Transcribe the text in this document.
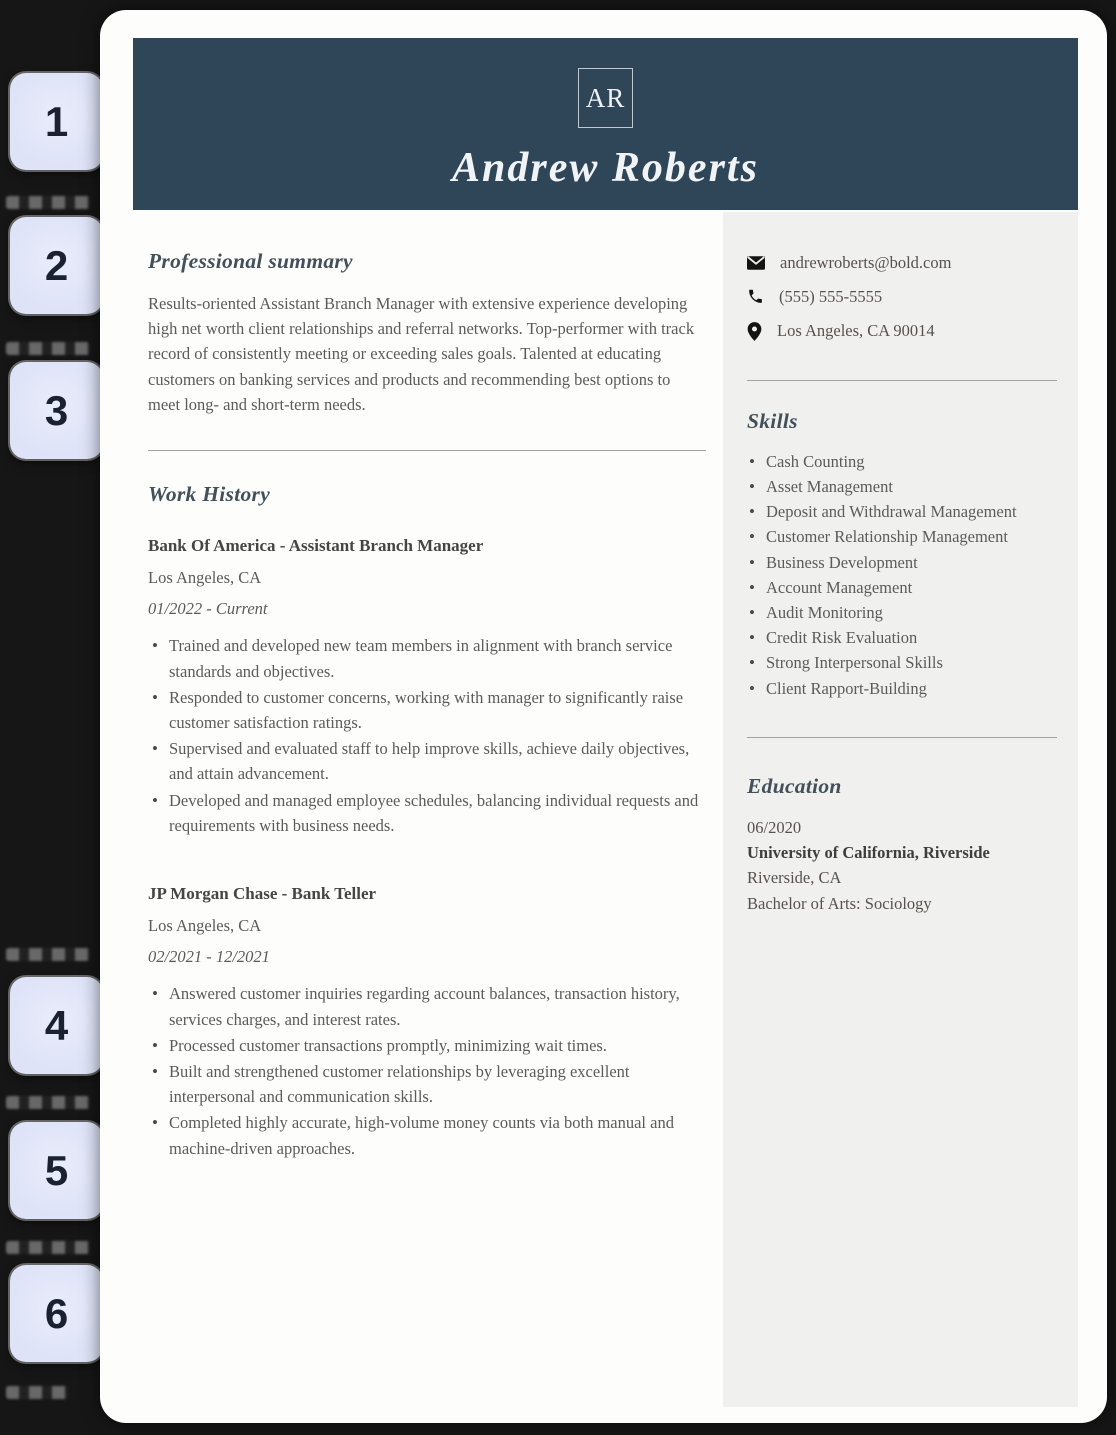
1
2
3
4
5
6
AR
Andrew Roberts
Professional summary

Results-oriented Assistant Branch Manager with extensive experience developing high net worth client relationships and referral networks. Top-performer with track record of consistently meeting or exceeding sales goals. Talented at educating customers on banking services and products and recommending best options to meet long- and short-term needs.

Work History
Bank Of America - Assistant Branch Manager
Los Angeles, CA
01/2022 - Current
• Trained and developed new team members in alignment with branch service standards and objectives.
• Responded to customer concerns, working with manager to significantly raise customer satisfaction ratings.
• Supervised and evaluated staff to help improve skills, achieve daily objectives, and attain advancement.
• Developed and managed employee schedules, balancing individual requests and requirements with business needs.
JP Morgan Chase - Bank Teller
Los Angeles, CA
02/2021 - 12/2021
• Answered customer inquiries regarding account balances, transaction history, services charges, and interest rates.
• Processed customer transactions promptly, minimizing wait times.
• Built and strengthened customer relationships by leveraging excellent interpersonal and communication skills.
• Completed highly accurate, high-volume money counts via both manual and machine-driven approaches.
andrewroberts@bold.com
(555) 555-5555
Los Angeles, CA 90014
Skills
• Cash Counting
• Asset Management
• Deposit and Withdrawal Management
• Customer Relationship Management
• Business Development
• Account Management
• Audit Monitoring
• Credit Risk Evaluation
• Strong Interpersonal Skills
• Client Rapport-Building
Education
06/2020
University of California, Riverside
Riverside, CA
Bachelor of Arts: Sociology
